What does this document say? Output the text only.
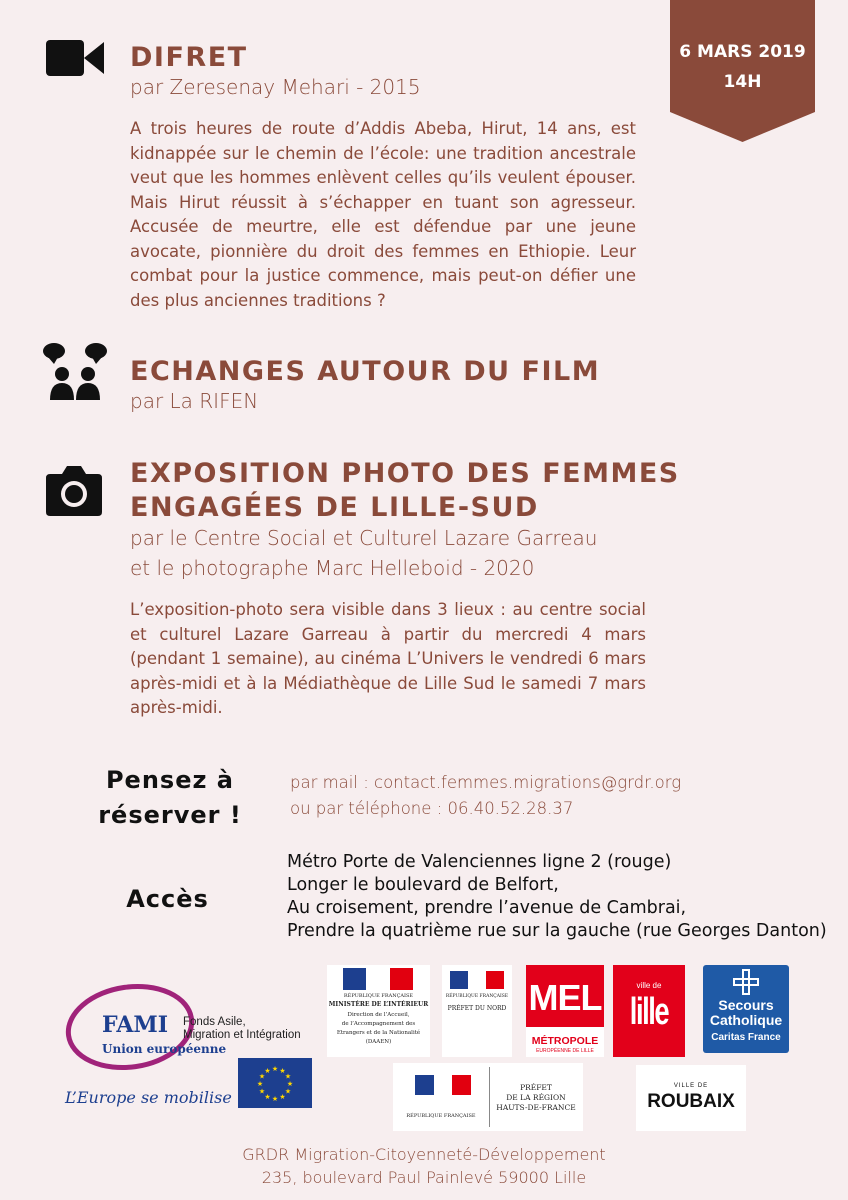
6 MARS 2019
14H
DIFRET
par Zeresenay Mehari - 2015
A trois heures de route d’Addis Abeba, Hirut, 14 ans, est kidnappée sur le chemin de l’école: une tradition ancestrale veut que les hommes enlèvent celles qu’ils veulent épouser. Mais Hirut réussit à s’échapper en tuant son agresseur. Accusée de meurtre, elle est défendue par une jeune avocate, pionnière du droit des femmes en Ethiopie. Leur combat pour la justice commence, mais peut-on défier une des plus anciennes traditions ?
ECHANGES AUTOUR DU FILM
par La RIFEN
EXPOSITION PHOTO DES FEMMES
ENGAGÉES DE LILLE-SUD
par le Centre Social et Culturel Lazare Garreau
et le photographe Marc Helleboid - 2020
L’exposition-photo sera visible dans 3 lieux : au centre social et culturel Lazare Garreau à partir du mercredi 4 mars (pendant 1 semaine), au cinéma L’Univers le vendredi 6 mars après-midi et à la Médiathèque de Lille Sud le samedi 7 mars après-midi.
Pensez à
réserver !
par mail : contact.femmes.migrations@grdr.org
ou par téléphone : 06.40.52.28.37
Accès
Métro Porte de Valenciennes ligne 2 (rouge)
Longer le boulevard de Belfort,
Au croisement, prendre l’avenue de Cambrai,
Prendre la quatrième rue sur la gauche (rue Georges Danton)
FAMI
Union européenne
Fonds Asile,
Migration et Intégration
L’Europe se mobilise
★
★
★
★
★
★
★
★
★ ★ ★
★
RÉPUBLIQUE FRANÇAISE
MINISTÈRE DE L’INTÉRIEUR
Direction de l’Accueil,
de l’Accompagnement des
Etrangers et de la Nationalité
(DAAEN)
RÉPUBLIQUE FRANÇAISE
PRÉFET DU NORD MEL
MÉTROPOLE
EUROPÉENNE DE LILLE
ville de
lille	Secours
Catholique
Caritas France
RÉPUBLIQUE FRANÇAISE
PRÉFET
DE LA RÉGION
HAUTS-DE-FRANCE
VILLE DE
ROUBAIX
GRDR Migration-Citoyenneté-Développement
235, boulevard Paul Painlevé 59000 Lille
